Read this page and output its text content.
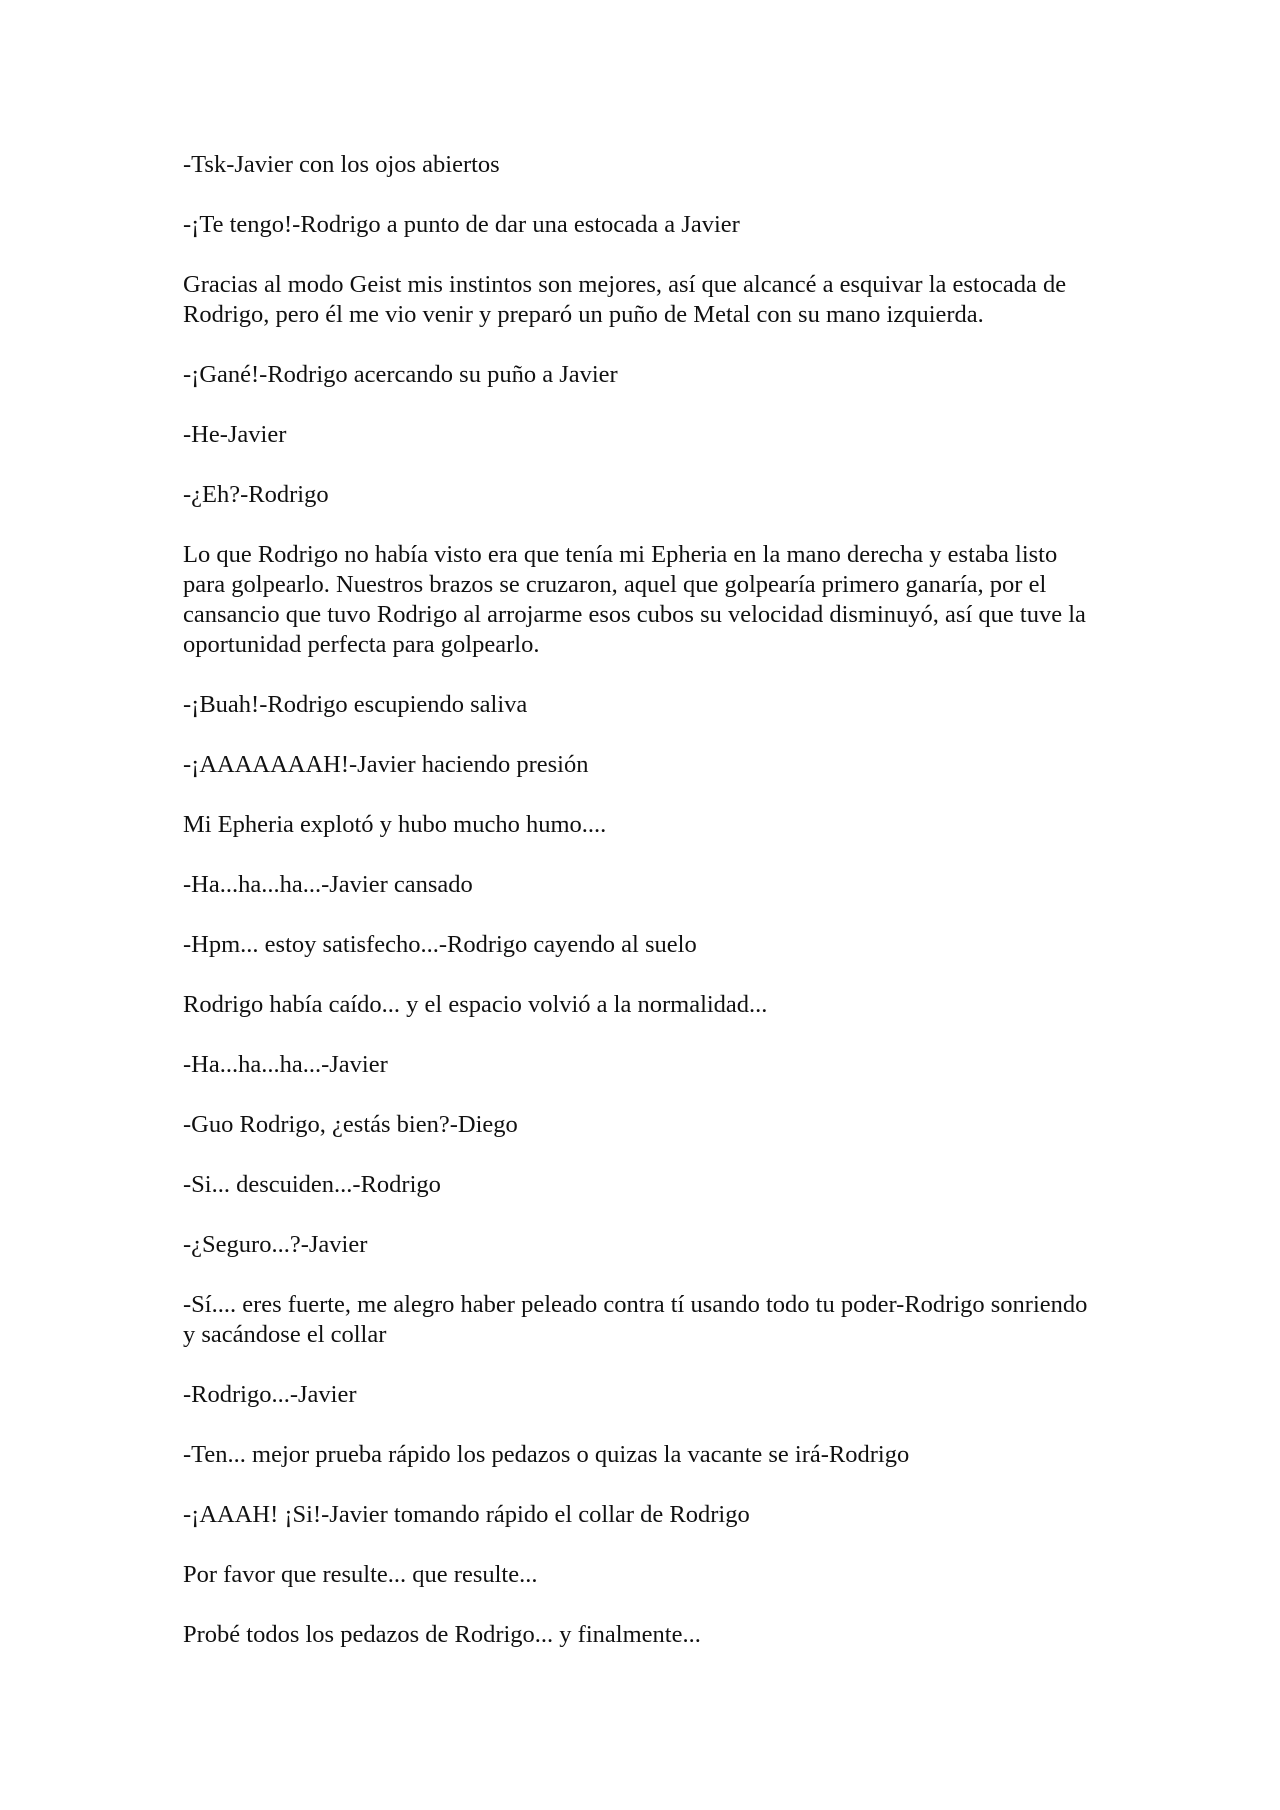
-Tsk-Javier con los ojos abiertos

-¡Te tengo!-Rodrigo a punto de dar una estocada a Javier

Gracias al modo Geist mis instintos son mejores, así que alcancé a esquivar la estocada de Rodrigo, pero él me vio venir y preparó un puño de Metal con su mano izquierda.

-¡Gané!-Rodrigo acercando su puño a Javier

-He-Javier

-¿Eh?-Rodrigo

Lo que Rodrigo no había visto era que tenía mi Epheria en la mano derecha y estaba listo para golpearlo. Nuestros brazos se cruzaron, aquel que golpearía primero ganaría, por el cansancio que tuvo Rodrigo al arrojarme esos cubos su velocidad disminuyó, así que tuve la oportunidad perfecta para golpearlo.

-¡Buah!-Rodrigo escupiendo saliva

-¡AAAAAAAH!-Javier haciendo presión

Mi Epheria explotó y hubo mucho humo....

-Ha...ha...ha...-Javier cansado

-Hpm... estoy satisfecho...-Rodrigo cayendo al suelo

Rodrigo había caído... y el espacio volvió a la normalidad...

-Ha...ha...ha...-Javier

-Guo Rodrigo, ¿estás bien?-Diego

-Si... descuiden...-Rodrigo

-¿Seguro...?-Javier

-Sí.... eres fuerte, me alegro haber peleado contra tí usando todo tu poder-Rodrigo sonriendo y sacándose el collar

-Rodrigo...-Javier

-Ten... mejor prueba rápido los pedazos o quizas la vacante se irá-Rodrigo

-¡AAAH! ¡Si!-Javier tomando rápido el collar de Rodrigo

Por favor que resulte... que resulte...

Probé todos los pedazos de Rodrigo... y finalmente...
